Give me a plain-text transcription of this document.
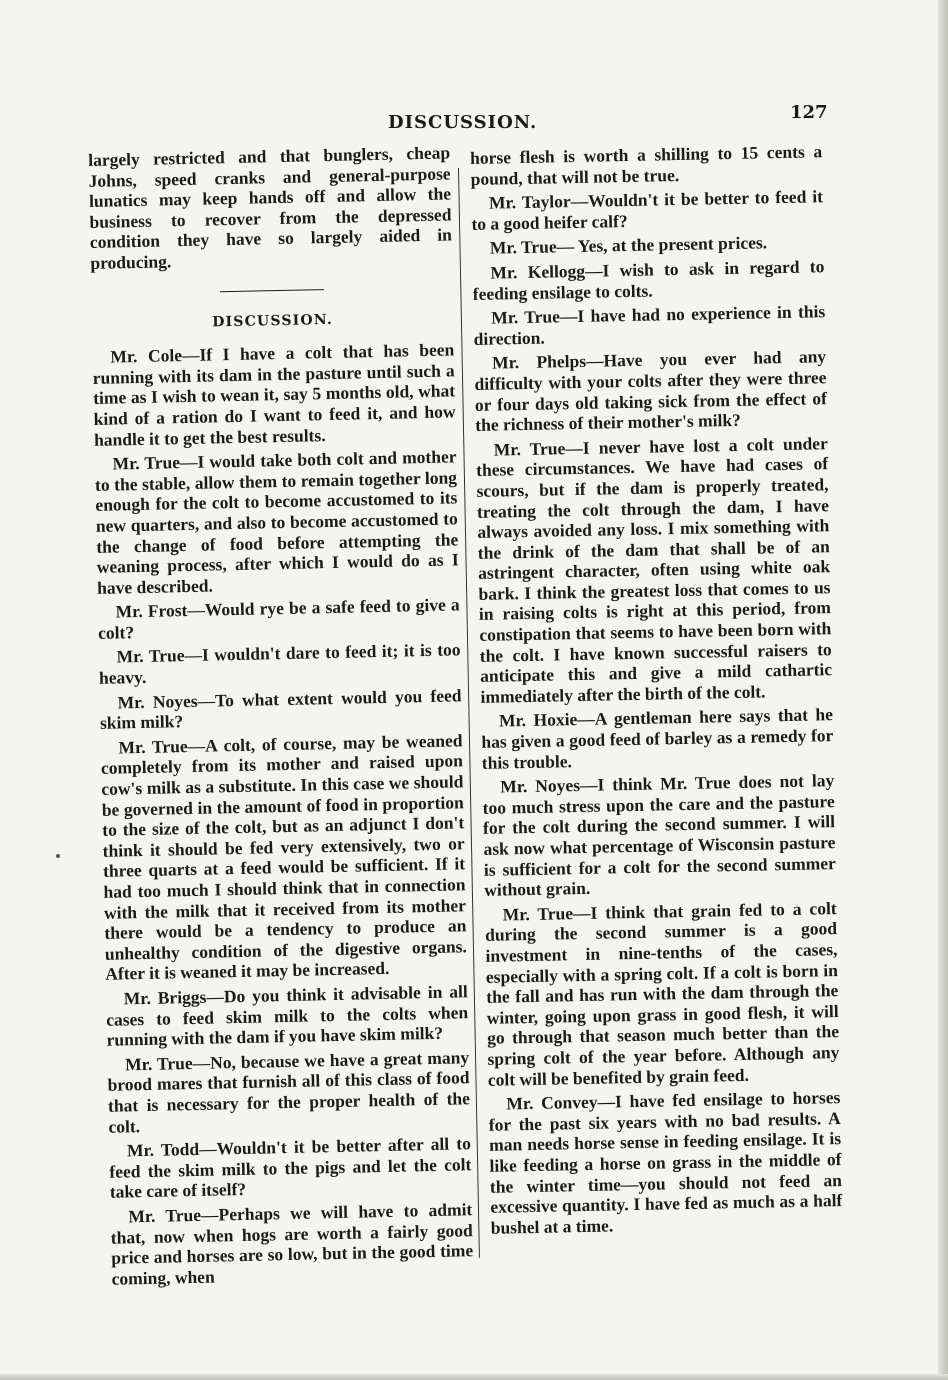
DISCUSSION.	127

largely restricted and that bunglers, cheap Johns, speed cranks and general-purpose lunatics may keep hands off and allow the business to recover from the depressed condition they have so largely aided in producing.

DISCUSSION.

Mr. Cole—If I have a colt that has been running with its dam in the pasture until such a time as I wish to wean it, say 5 months old, what kind of a ration do I want to feed it, and how handle it to get the best results.

Mr. True—I would take both colt and mother to the stable, allow them to remain together long enough for the colt to become accustomed to its new quarters, and also to become accustomed to the change of food before attempting the weaning process, after which I would do as I have described.

Mr. Frost—Would rye be a safe feed to give a colt?

Mr. True—I wouldn't dare to feed it; it is too heavy.

Mr. Noyes—To what extent would you feed skim milk?

Mr. True—A colt, of course, may be weaned completely from its mother and raised upon cow's milk as a substitute. In this case we should be governed in the amount of food in proportion to the size of the colt, but as an adjunct I don't think it should be fed very extensively, two or three quarts at a feed would be sufficient. If it had too much I should think that in connection with the milk that it received from its mother there would be a tendency to produce an unhealthy condition of the digestive organs. After it is weaned it may be increased.

Mr. Briggs—Do you think it advisable in all cases to feed skim milk to the colts when running with the dam if you have skim milk?

Mr. True—No, because we have a great many brood mares that furnish all of this class of food that is necessary for the proper health of the colt.

Mr. Todd—Wouldn't it be better after all to feed the skim milk to the pigs and let the colt take care of itself?

Mr. True—Perhaps we will have to admit that, now when hogs are worth a fairly good price and horses are so low, but in the good time coming, when

horse flesh is worth a shilling to 15 cents a pound, that will not be true.

Mr. Taylor—Wouldn't it be better to feed it to a good heifer calf?

Mr. True— Yes, at the present prices.

Mr. Kellogg—I wish to ask in regard to feeding ensilage to colts.

Mr. True—I have had no experience in this direction.

Mr. Phelps—Have you ever had any difficulty with your colts after they were three or four days old taking sick from the effect of the richness of their mother's milk?

Mr. True—I never have lost a colt under these circumstances. We have had cases of scours, but if the dam is properly treated, treating the colt through the dam, I have always avoided any loss. I mix something with the drink of the dam that shall be of an astringent character, often using white oak bark. I think the greatest loss that comes to us in raising colts is right at this period, from constipation that seems to have been born with the colt. I have known successful raisers to anticipate this and give a mild cathartic immediately after the birth of the colt.

Mr. Hoxie—A gentleman here says that he has given a good feed of barley as a remedy for this trouble.

Mr. Noyes—I think Mr. True does not lay too much stress upon the care and the pasture for the colt during the second summer. I will ask now what percentage of Wisconsin pasture is sufficient for a colt for the second summer without grain.

Mr. True—I think that grain fed to a colt during the second summer is a good investment in nine-tenths of the cases, especially with a spring colt. If a colt is born in the fall and has run with the dam through the winter, going upon grass in good flesh, it will go through that season much better than the spring colt of the year before. Although any colt will be benefited by grain feed.

Mr. Convey—I have fed ensilage to horses for the past six years with no bad results. A man needs horse sense in feeding ensilage. It is like feeding a horse on grass in the middle of the winter time—you should not feed an excessive quantity. I have fed as much as a half bushel at a time.
